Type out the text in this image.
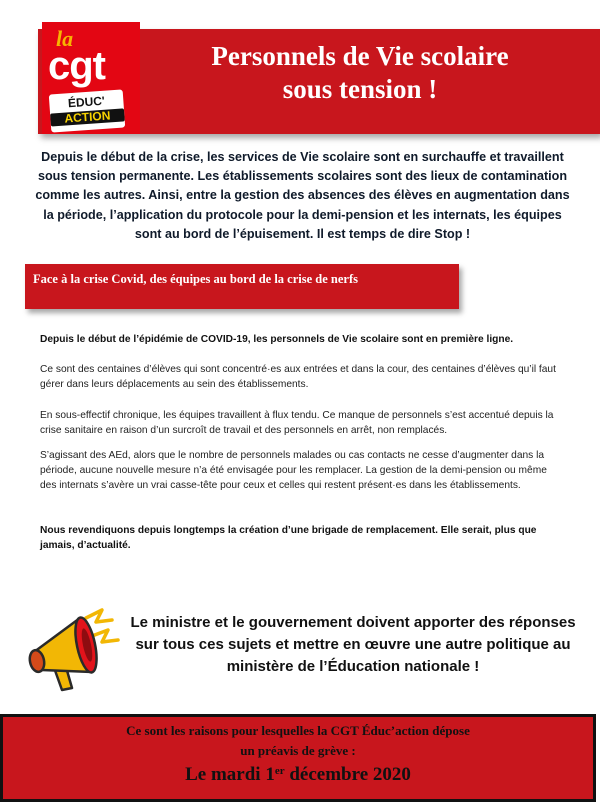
Personnels de Vie scolaire
sous tension !
la
cgt
ÉDUC'
ACTION
Depuis le début de la crise, les services de Vie scolaire sont en surchauffe et travaillent sous tension permanente. Les établissements scolaires sont des lieux de contamination comme les autres. Ainsi, entre la gestion des absences des élèves en augmentation dans la période, l’application du protocole pour la demi-pension et les internats, les équipes sont au bord de l’épuisement. Il est temps de dire Stop !
Face à la crise Covid, des équipes au bord de la crise de nerfs
Depuis le début de l’épidémie de COVID-19, les personnels de Vie scolaire sont en première ligne.
Ce sont des centaines d’élèves qui sont concentré·es aux entrées et dans la cour, des centaines d’élèves qu’il faut gérer dans leurs déplacements au sein des établissements.
En sous-effectif chronique, les équipes travaillent à flux tendu. Ce manque de personnels s’est accentué depuis la crise sanitaire en raison d’un surcroît de travail et des personnels en arrêt, non remplacés.
S’agissant des AEd, alors que le nombre de personnels malades ou cas contacts ne cesse d’augmenter dans la période, aucune nouvelle mesure n’a été envisagée pour les remplacer. La gestion de la demi-pension ou même des internats s’avère un vrai casse-tête pour ceux et celles qui restent présent·es dans les établissements.
Nous revendiquons depuis longtemps la création d’une brigade de remplacement. Elle serait, plus que jamais, d’actualité.
Le ministre et le gouvernement doivent apporter des réponses sur tous ces sujets et mettre en œuvre une autre politique au ministère de l’Éducation nationale !
Ce sont les raisons pour lesquelles la CGT Éduc’action dépose
un préavis de grève :
Le mardi 1er décembre 2020
